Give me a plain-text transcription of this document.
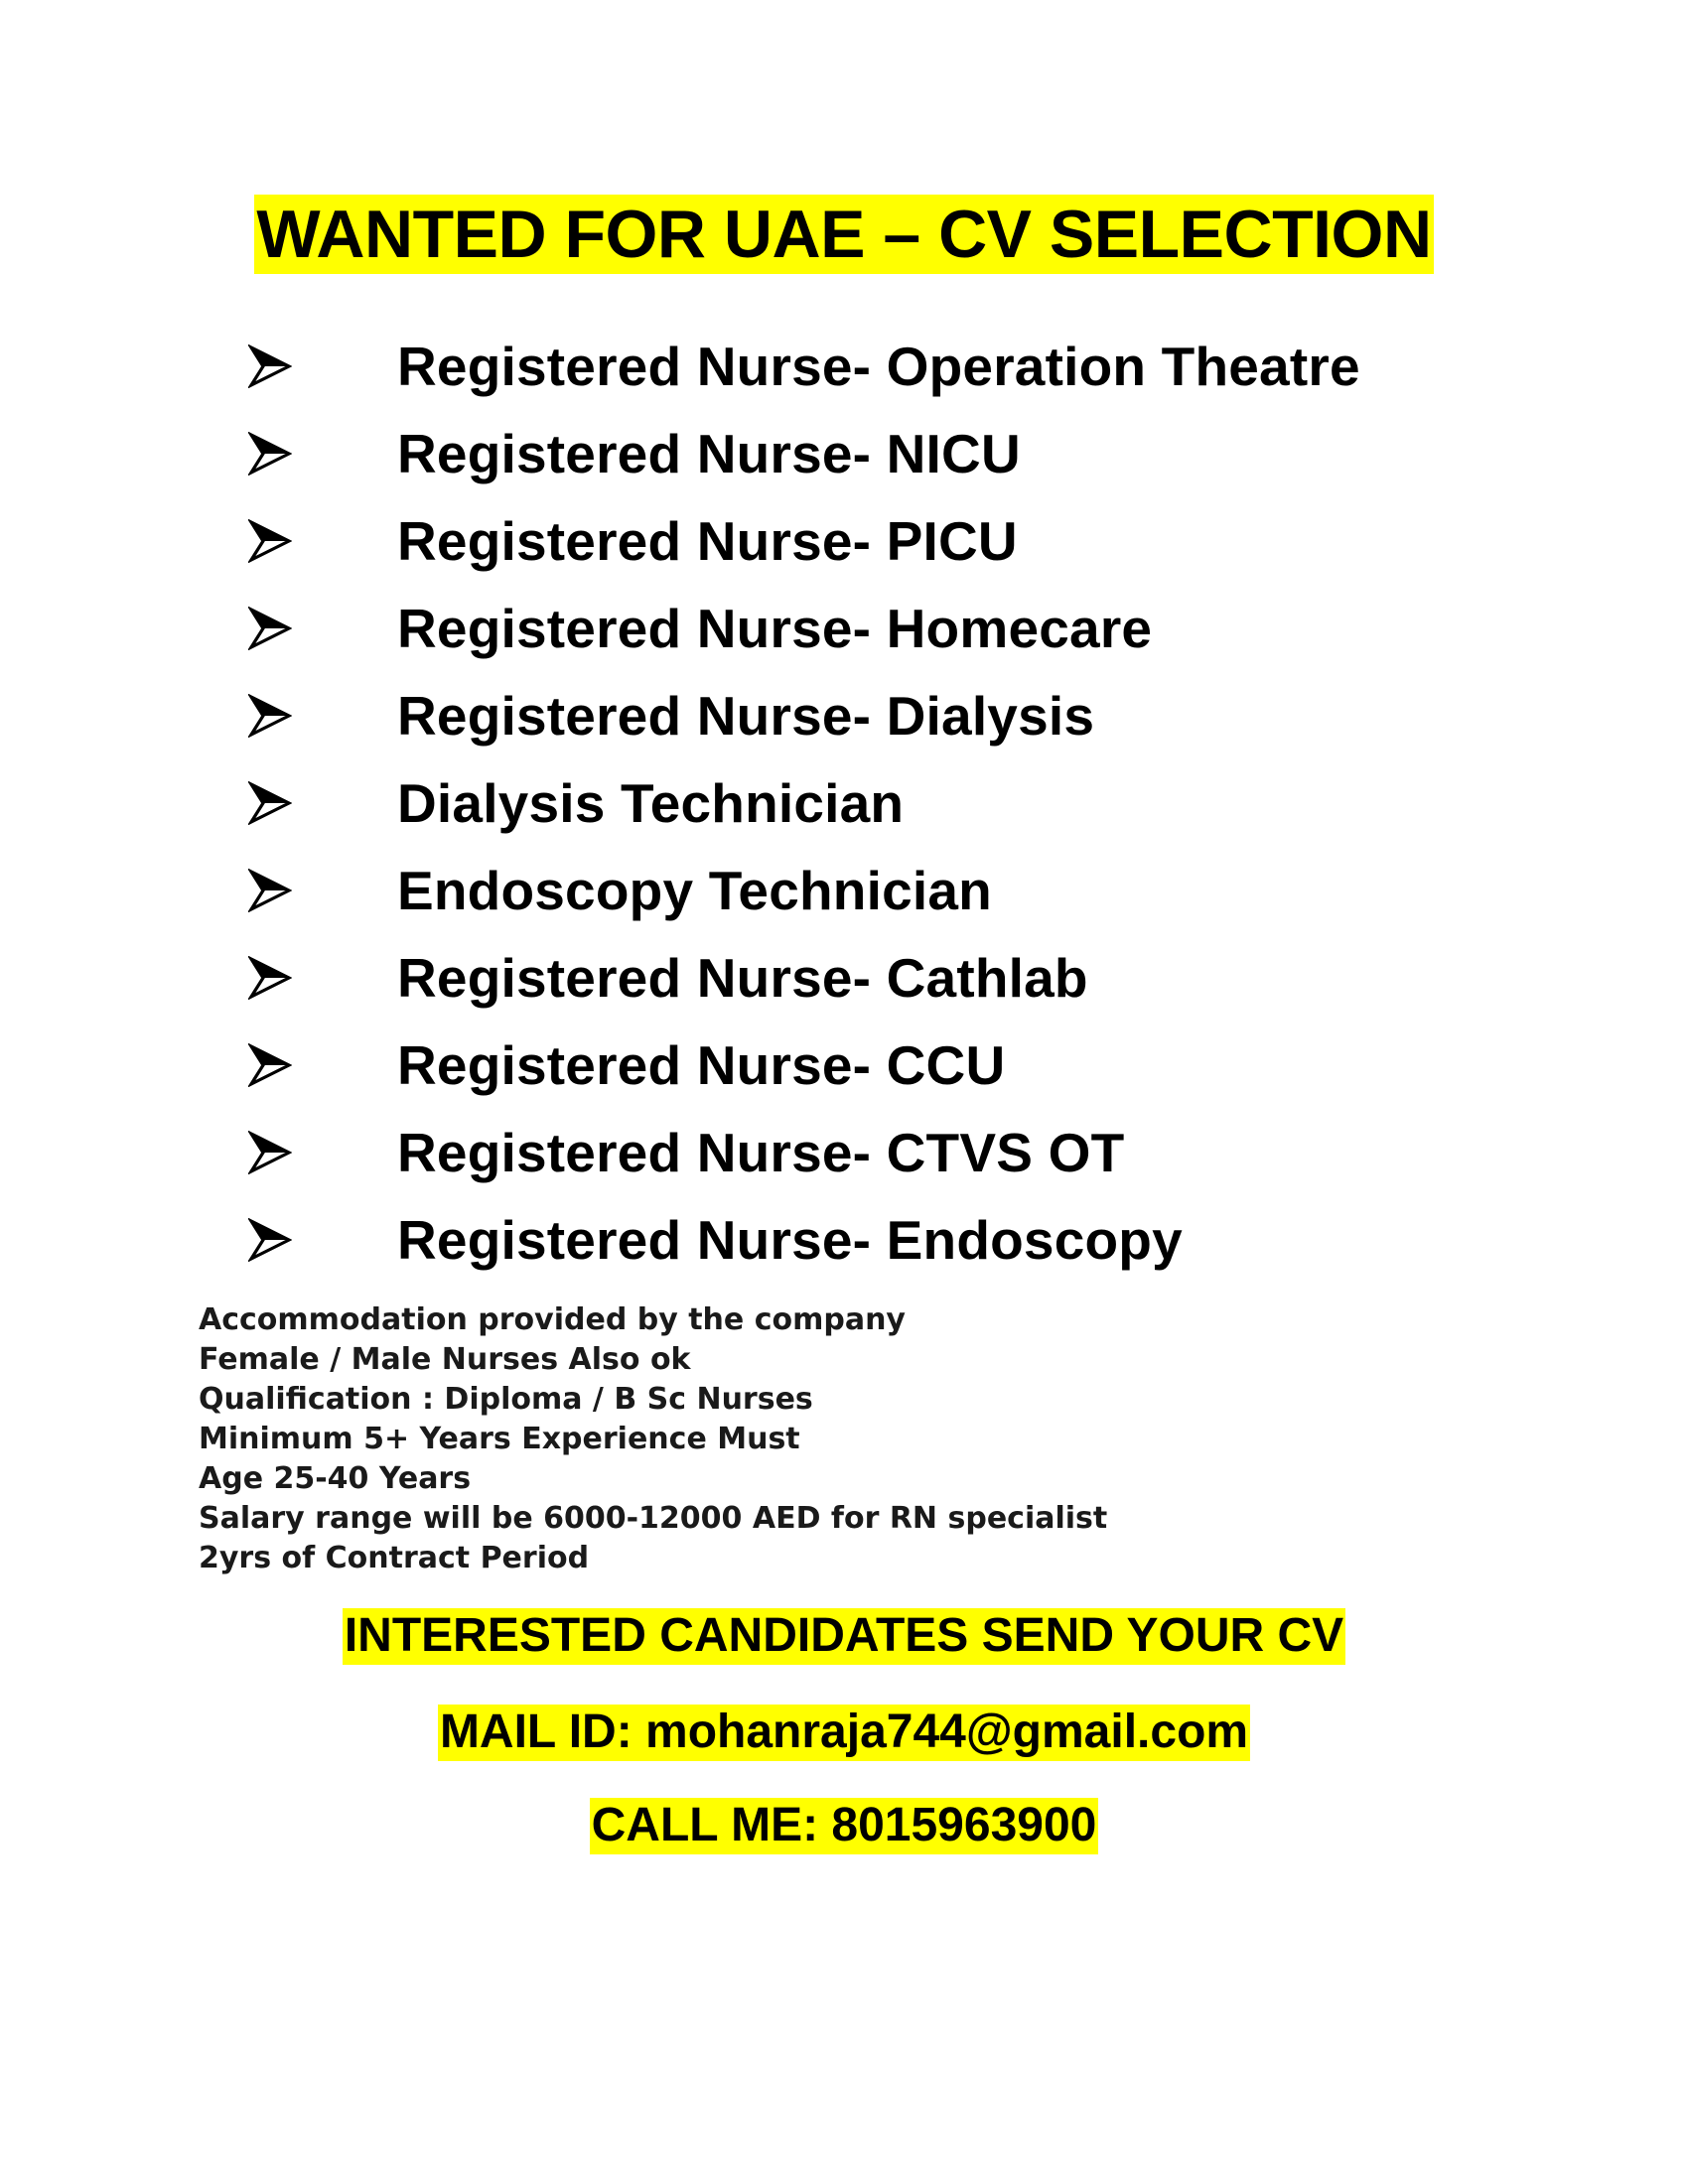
WANTED FOR UAE – CV SELECTION
Registered Nurse- Operation Theatre
Registered Nurse- NICU
Registered Nurse- PICU
Registered Nurse- Homecare
Registered Nurse- Dialysis
Dialysis Technician
Endoscopy Technician
Registered Nurse- Cathlab
Registered Nurse- CCU
Registered Nurse- CTVS OT
Registered Nurse- Endoscopy
Accommodation provided by the company
Female / Male Nurses Also ok
Qualification : Diploma / B Sc Nurses
Minimum 5+ Years Experience Must
Age 25-40 Years
Salary range will be 6000-12000 AED for RN specialist
2yrs of Contract Period
INTERESTED CANDIDATES SEND YOUR CV
MAIL ID: mohanraja744@gmail.com
CALL ME: 8015963900
